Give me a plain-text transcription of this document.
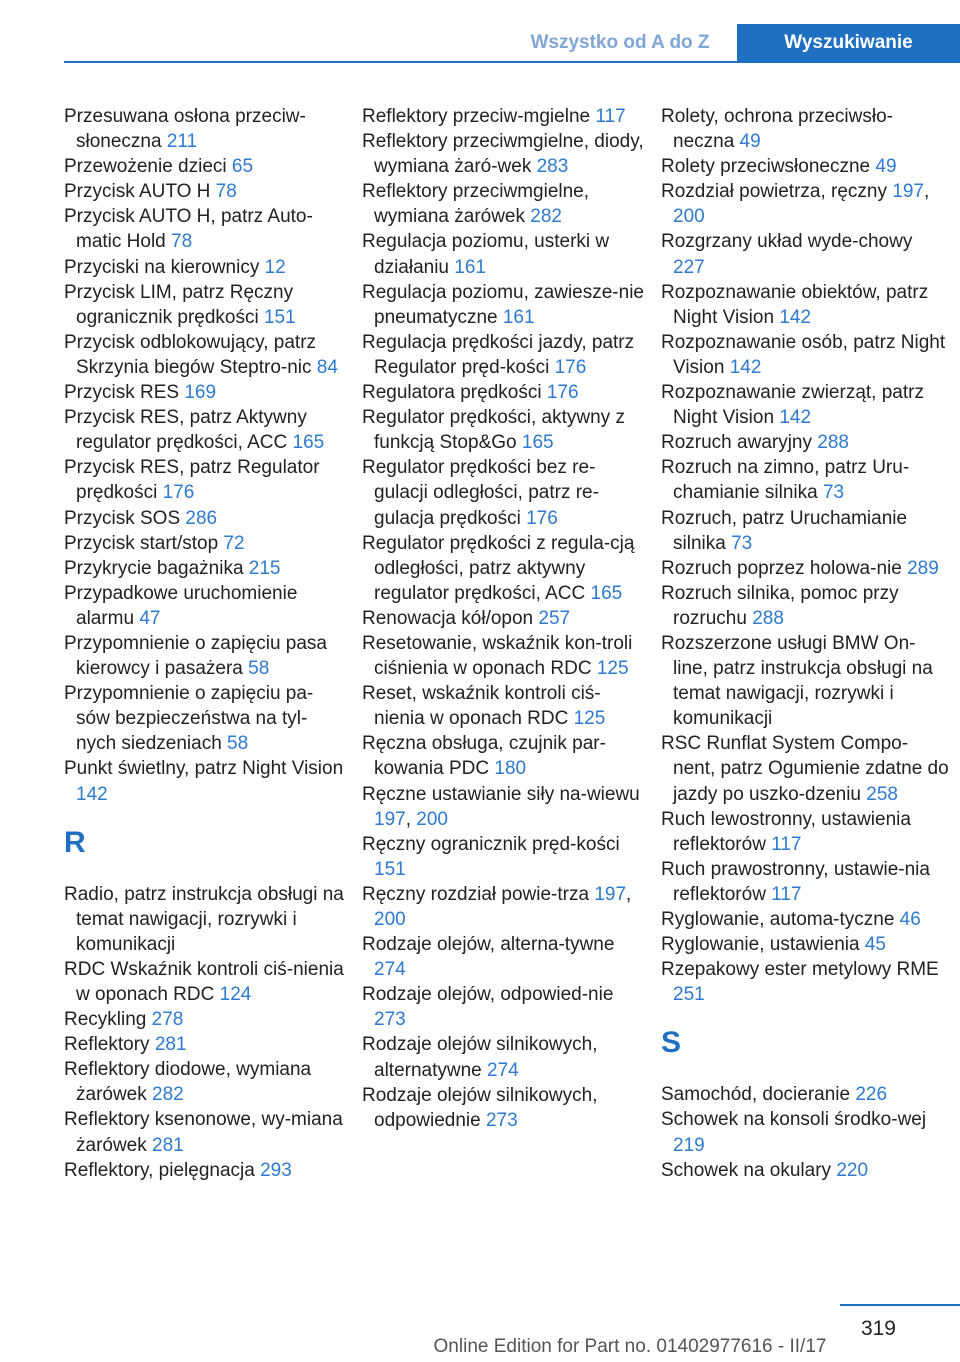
Wszystko od A do Z	Wyszukiwanie
Przesuwana osłona przeciw-słoneczna 211
Przewożenie dzieci 65
Przycisk AUTO H 78
Przycisk AUTO H, patrz Auto-matic Hold 78
Przyciski na kierownicy 12
Przycisk LIM, patrz Ręczny ogranicznik prędkości 151
Przycisk odblokowujący, patrz Skrzynia biegów Steptro-nic 84
Przycisk RES 169
Przycisk RES, patrz Aktywny regulator prędkości, ACC 165
Przycisk RES, patrz Regulator prędkości 176
Przycisk SOS 286
Przycisk start/stop 72
Przykrycie bagażnika 215
Przypadkowe uruchomienie alarmu 47
Przypomnienie o zapięciu pasa kierowcy i pasażera 58
Przypomnienie o zapięciu pa-sów bezpieczeństwa na tyl-nych siedzeniach 58
Punkt świetlny, patrz Night Vision 142
R
Radio, patrz instrukcja obsługi na temat nawigacji, rozrywki i komunikacji
RDC Wskaźnik kontroli ciś-nienia w oponach RDC 124
Recykling 278
Reflektory 281
Reflektory diodowe, wymiana żarówek 282
Reflektory ksenonowe, wy-miana żarówek 281
Reflektory, pielęgnacja 293
Reflektory przeciw-mgielne 117
Reflektory przeciwmgielne, diody, wymiana żaró-wek 283
Reflektory przeciwmgielne, wymiana żarówek 282
Regulacja poziomu, usterki w działaniu 161
Regulacja poziomu, zawiesze-nie pneumatyczne 161
Regulacja prędkości jazdy, patrz Regulator pręd-kości 176
Regulatora prędkości 176
Regulator prędkości, aktywny z funkcją Stop&Go 165
Regulator prędkości bez re-gulacji odległości, patrz re-gulacja prędkości 176
Regulator prędkości z regula-cją odległości, patrz aktywny regulator prędkości, ACC 165
Renowacja kół/opon 257
Resetowanie, wskaźnik kon-troli ciśnienia w oponach RDC 125
Reset, wskaźnik kontroli ciś-nienia w oponach RDC 125
Ręczna obsługa, czujnik par-kowania PDC 180
Ręczne ustawianie siły na-wiewu 197, 200
Ręczny ogranicznik pręd-kości 151
Ręczny rozdział powie-trza 197, 200
Rodzaje olejów, alterna-tywne 274
Rodzaje olejów, odpowied-nie 273
Rodzaje olejów silnikowych, alternatywne 274
Rodzaje olejów silnikowych, odpowiednie 273
Rolety, ochrona przeciwsło-neczna 49
Rolety przeciwsłoneczne 49
Rozdział powietrza, ręczny 197, 200
Rozgrzany układ wyde-chowy 227
Rozpoznawanie obiektów, patrz Night Vision 142
Rozpoznawanie osób, patrz Night Vision 142
Rozpoznawanie zwierząt, patrz Night Vision 142
Rozruch awaryjny 288
Rozruch na zimno, patrz Uru-chamianie silnika 73
Rozruch, patrz Uruchamianie silnika 73
Rozruch poprzez holowa-nie 289
Rozruch silnika, pomoc przy rozruchu 288
Rozszerzone usługi BMW On-line, patrz instrukcja obsługi na temat nawigacji, rozrywki i komunikacji
RSC Runflat System Compo-nent, patrz Ogumienie zdatne do jazdy po uszko-dzeniu 258
Ruch lewostronny, ustawienia reflektorów 117
Ruch prawostronny, ustawie-nia reflektorów 117
Ryglowanie, automa-tyczne 46
Ryglowanie, ustawienia 45
Rzepakowy ester metylowy RME 251
S
Samochód, docieranie 226
Schowek na konsoli środko-wej 219
Schowek na okulary 220
319
Online Edition for Part no. 01402977616 - II/17
